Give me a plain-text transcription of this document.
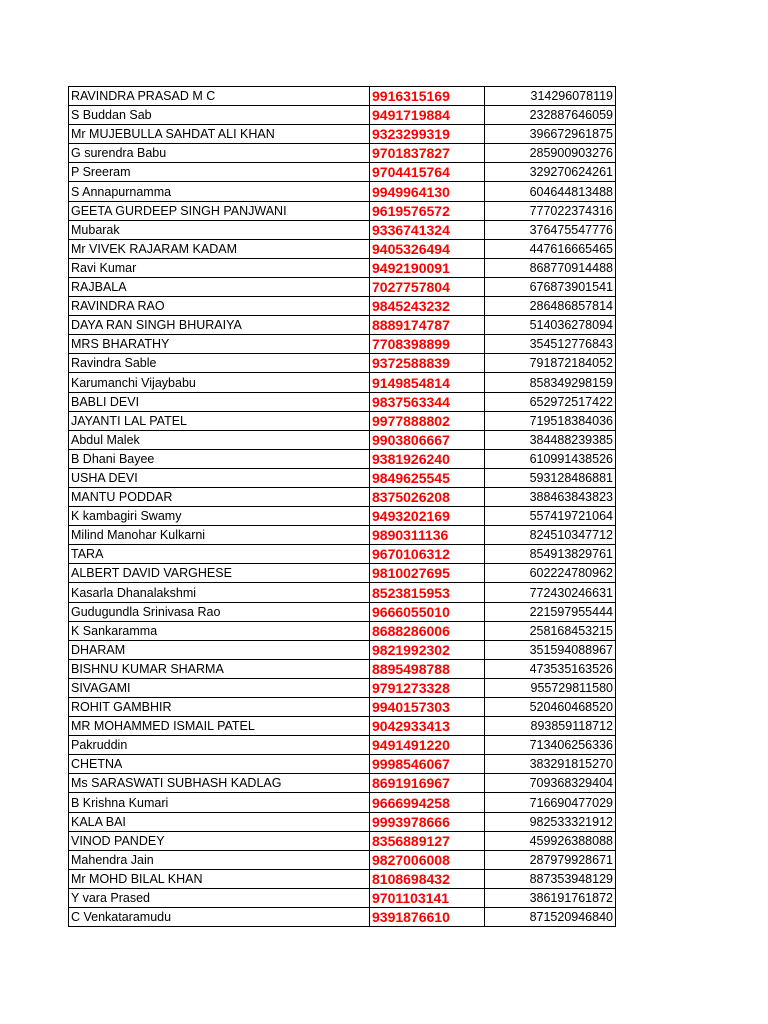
RAVINDRA PRASAD M C	9916315169	314296078119
S Buddan Sab	9491719884	232887646059
Mr MUJEBULLA SAHDAT ALI KHAN	9323299319	396672961875
G surendra Babu	9701837827	285900903276
P Sreeram	9704415764	329270624261
S Annapurnamma	9949964130	604644813488
GEETA GURDEEP SINGH PANJWANI	9619576572	777022374316
Mubarak	9336741324	376475547776
Mr VIVEK RAJARAM KADAM	9405326494	447616665465
Ravi Kumar	9492190091	868770914488
RAJBALA	7027757804	676873901541
RAVINDRA RAO	9845243232	286486857814
DAYA RAN SINGH BHURAIYA	8889174787	514036278094
MRS BHARATHY	7708398899	354512776843
Ravindra Sable	9372588839	791872184052
Karumanchi Vijaybabu	9149854814	858349298159
BABLI DEVI	9837563344	652972517422
JAYANTI LAL PATEL	9977888802	719518384036
Abdul Malek	9903806667	384488239385
B Dhani Bayee	9381926240	610991438526
USHA DEVI	9849625545	593128486881
MANTU PODDAR	8375026208	388463843823
K kambagiri Swamy	9493202169	557419721064
Milind Manohar Kulkarni	9890311136	824510347712
TARA	9670106312	854913829761
ALBERT DAVID VARGHESE	9810027695	602224780962
Kasarla Dhanalakshmi	8523815953	772430246631
Gudugundla Srinivasa Rao	9666055010	221597955444
K Sankaramma	8688286006	258168453215
DHARAM	9821992302	351594088967
BISHNU KUMAR SHARMA	8895498788	473535163526
SIVAGAMI	9791273328	955729811580
ROHIT GAMBHIR	9940157303	520460468520
MR MOHAMMED ISMAIL PATEL	9042933413	893859118712
Pakruddin	9491491220	713406256336
CHETNA	9998546067	383291815270
Ms SARASWATI SUBHASH KADLAG	8691916967	709368329404
B Krishna Kumari	9666994258	716690477029
KALA BAI	9993978666	982533321912
VINOD PANDEY	8356889127	459926388088
Mahendra Jain	9827006008	287979928671
Mr MOHD BILAL KHAN	8108698432	887353948129
Y vara Prased	9701103141	386191761872
C Venkataramudu	9391876610	871520946840
